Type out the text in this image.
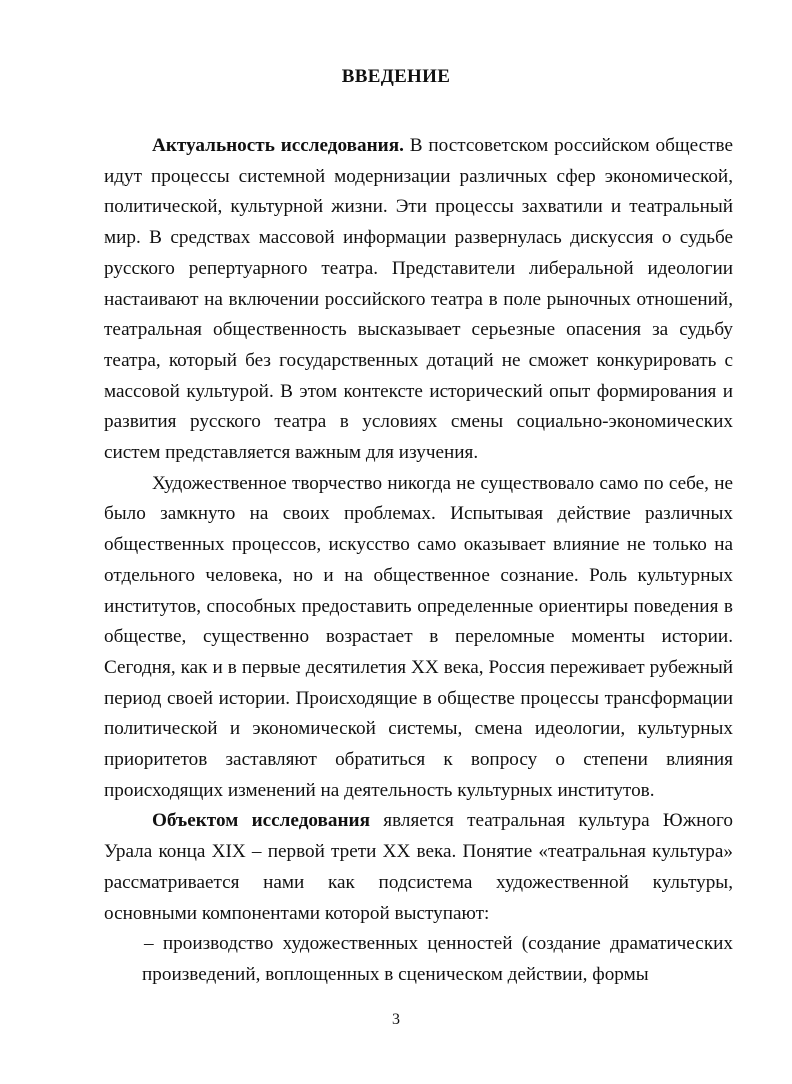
ВВЕДЕНИЕ

Актуальность исследования. В постсоветском российском обществе идут процессы системной модернизации различных сфер экономической, политической, культурной жизни. Эти процессы захватили и театральный мир. В средствах массовой информации развернулась дискуссия о судьбе русского репертуарного театра. Представители либеральной идеологии настаивают на включении российского театра в поле рыночных отношений, театральная общественность высказывает серьезные опасения за судьбу театра, который без государственных дотаций не сможет конкурировать с массовой культурой. В этом контексте исторический опыт формирования и развития русского театра в условиях смены социально-экономических систем представляется важным для изучения.

Художественное творчество никогда не существовало само по себе, не было замкнуто на своих проблемах. Испытывая действие различных общественных процессов, искусство само оказывает влияние не только на отдельного человека, но и на общественное сознание. Роль культурных институтов, способных предоставить определенные ориентиры поведения в обществе, существенно возрастает в переломные моменты истории. Сегодня, как и в первые десятилетия XX века, Россия переживает рубежный период своей истории. Происходящие в обществе процессы трансформации политической и экономической системы, смена идеологии, культурных приоритетов заставляют обратиться к вопросу о степени влияния происходящих изменений на деятельность культурных институтов.

Объектом исследования является театральная культура Южного Урала конца XIX – первой трети XX века. Понятие «театральная культура» рассматривается нами как подсистема художественной культуры, основными компонентами которой выступают:

– производство художественных ценностей (создание драматических произведений, воплощенных в сценическом действии, формы

3
